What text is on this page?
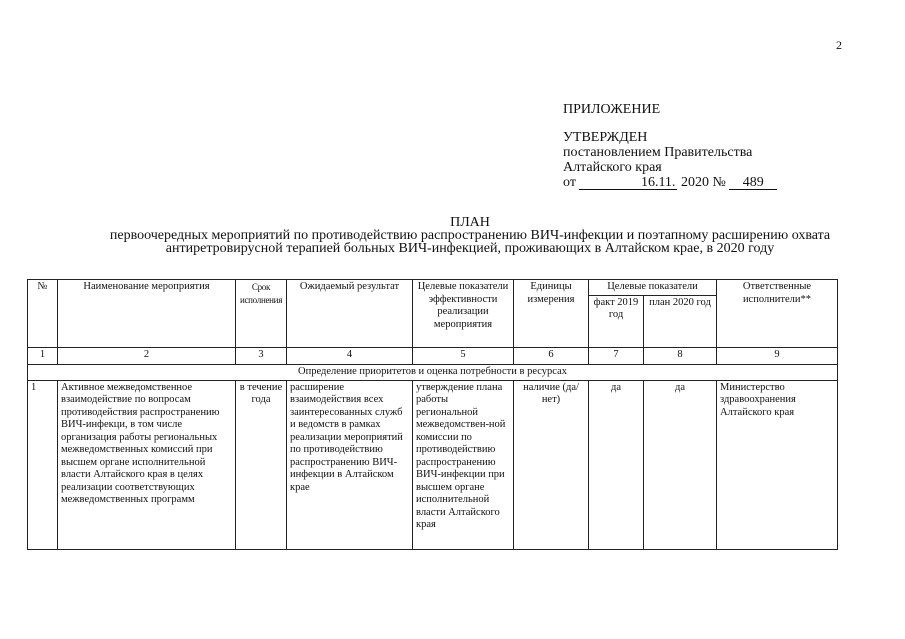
2
ПРИЛОЖЕНИЕ
УТВЕРЖДЕН
постановлением Правительства
Алтайского края
от
	16.11.
2020 №
	489
ПЛАН
первоочередных мероприятий по противодействию распространению ВИЧ-инфекции и поэтапному расширению охвата
антиретровирусной терапией больных ВИЧ-инфекцией, проживающих в Алтайском крае, в 2020 году
№	Наименование мероприятия	Срок исполнения	Ожидаемый результат	Целевые показатели эффективности реализации мероприятия	Единицы измерения	Целевые показатели		Ответственные исполнители**
						факт 2019 год	план 2020 год	
1	2	3	4	5	6	7	8	9
Определение приоритетов и оценка потребности в ресурсах								
1	Активное межведомственное взаимодействие по вопросам противодействия распространению ВИЧ-инфекци, в том числе организация работы региональных межведомственных комиссий при высшем органе исполнительной власти Алтайского края в целях реализации соответствующих межведомственных программ	в течение года	расширение взаимодействия всех заинтересованных служб и ведомств в рамках реализации мероприятий по противодействию распространению ВИЧ-инфекции в Алтайском крае	утверждение плана работы региональной межведомствен-ной комиссии по противодействию распространению ВИЧ-инфекции при высшем органе исполнительной власти Алтайского края	наличие (да/нет)	да	да	Министерство здравоохранения Алтайского края
